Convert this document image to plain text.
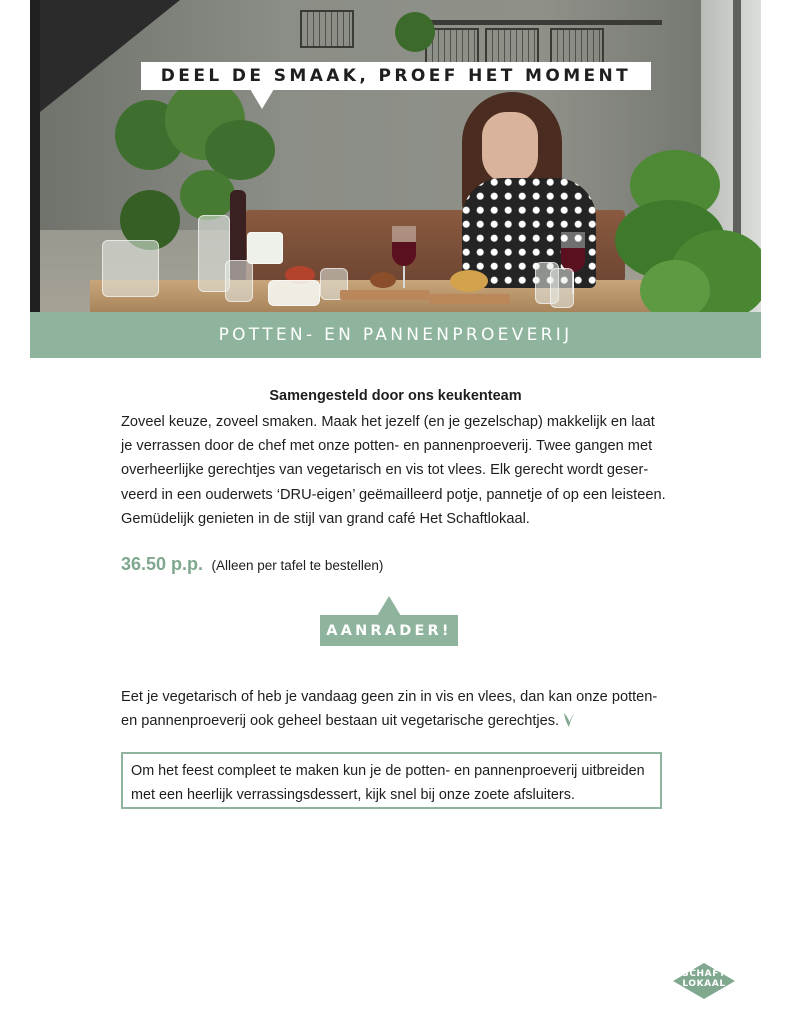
DEEL DE SMAAK, PROEF HET MOMENT
POTTEN- EN PANNENPROEVERIJ
Samengesteld door ons keukenteam

Zoveel keuze, zoveel smaken. Maak het jezelf (en je gezelschap) makkelijk en laat

je verrassen door de chef met onze potten- en pannenproeverij. Twee gangen met

overheerlijke gerechtjes van vegetarisch en vis tot vlees. Elk gerecht wordt geser-

veerd in een ouderwets ‘DRU-eigen’ geëmailleerd potje, pannetje of op een leisteen.

Gemüdelijk genieten in de stijl van grand café Het Schaftlokaal.

36.50 p.p. (Alleen per tafel te bestellen)
AANRADER!

Eet je vegetarisch of heb je vandaag geen zin in vis en vlees, dan kan onze potten-

en pannenproeverij ook geheel bestaan uit vegetarische gerechtjes.

Om het feest compleet te maken kun je de potten- en pannenproeverij uitbreiden

met een heerlijk verrassingsdessert, kijk snel bij onze zoete afsluiters.

SCHAFT
LOKAAL
